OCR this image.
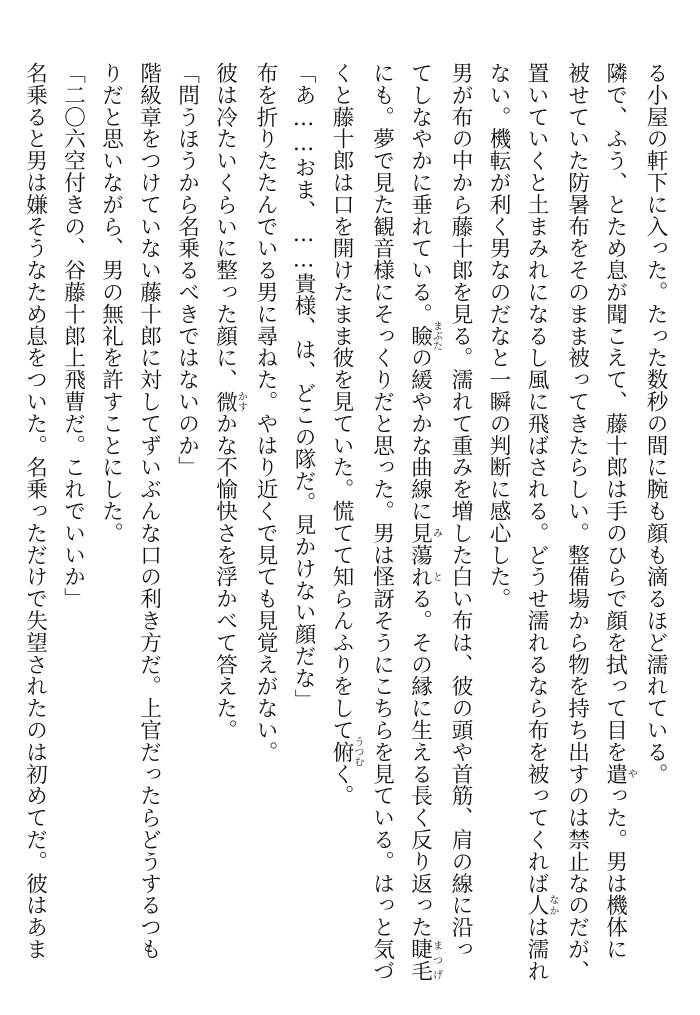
る小屋の軒下に入った。たった数秒の間に腕も顔も滴るほど濡れている。
隣で、ふう、とため息が聞こえて、藤十郎は手のひらで顔を拭って目を遣やった。男は機体に
被せていた防暑布をそのまま被ってきたらしい。整備場から物を持ち出すのは禁止なのだが、
置いていくと土まみれになるし風に飛ばされる。どうせ濡れるなら布を被ってくれば人なかは濡れ
ない。機転が利く男なのだなと一瞬の判断に感心した。
男が布の中から藤十郎を見る。濡れて重みを増した白い布は、彼の頭や首筋、肩の線に沿っ
てしなやかに垂れている。瞼まぶたの緩やかな曲線に見み蕩れとる。その縁に生える長く反り返った睫毛まつげ
にも。夢で見た観音様にそっくりだと思った。男は怪訝そうにこちらを見ている。はっと気づ
くと藤十郎は口を開けたまま彼を見ていた。慌てて知らんふりをして俯うつむく。
「あ……おま、……貴様、は、どこの隊だ。見かけない顔だな」
布を折りたたんでいる男に尋ねた。やはり近くで見ても見覚えがない。
彼は冷たいくらいに整った顔に、微かすかな不愉快さを浮かべて答えた。
「問うほうから名乗るべきではないのか」
階級章をつけていない藤十郎に対してずいぶんな口の利き方だ。上官だったらどうするつも
りだと思いながら、男の無礼を許すことにした。
「二〇六空付きの、谷藤十郎上飛曹だ。これでいいか」
名乗ると男は嫌そうなため息をついた。名乗っただけで失望されたのは初めてだ。彼はあま
